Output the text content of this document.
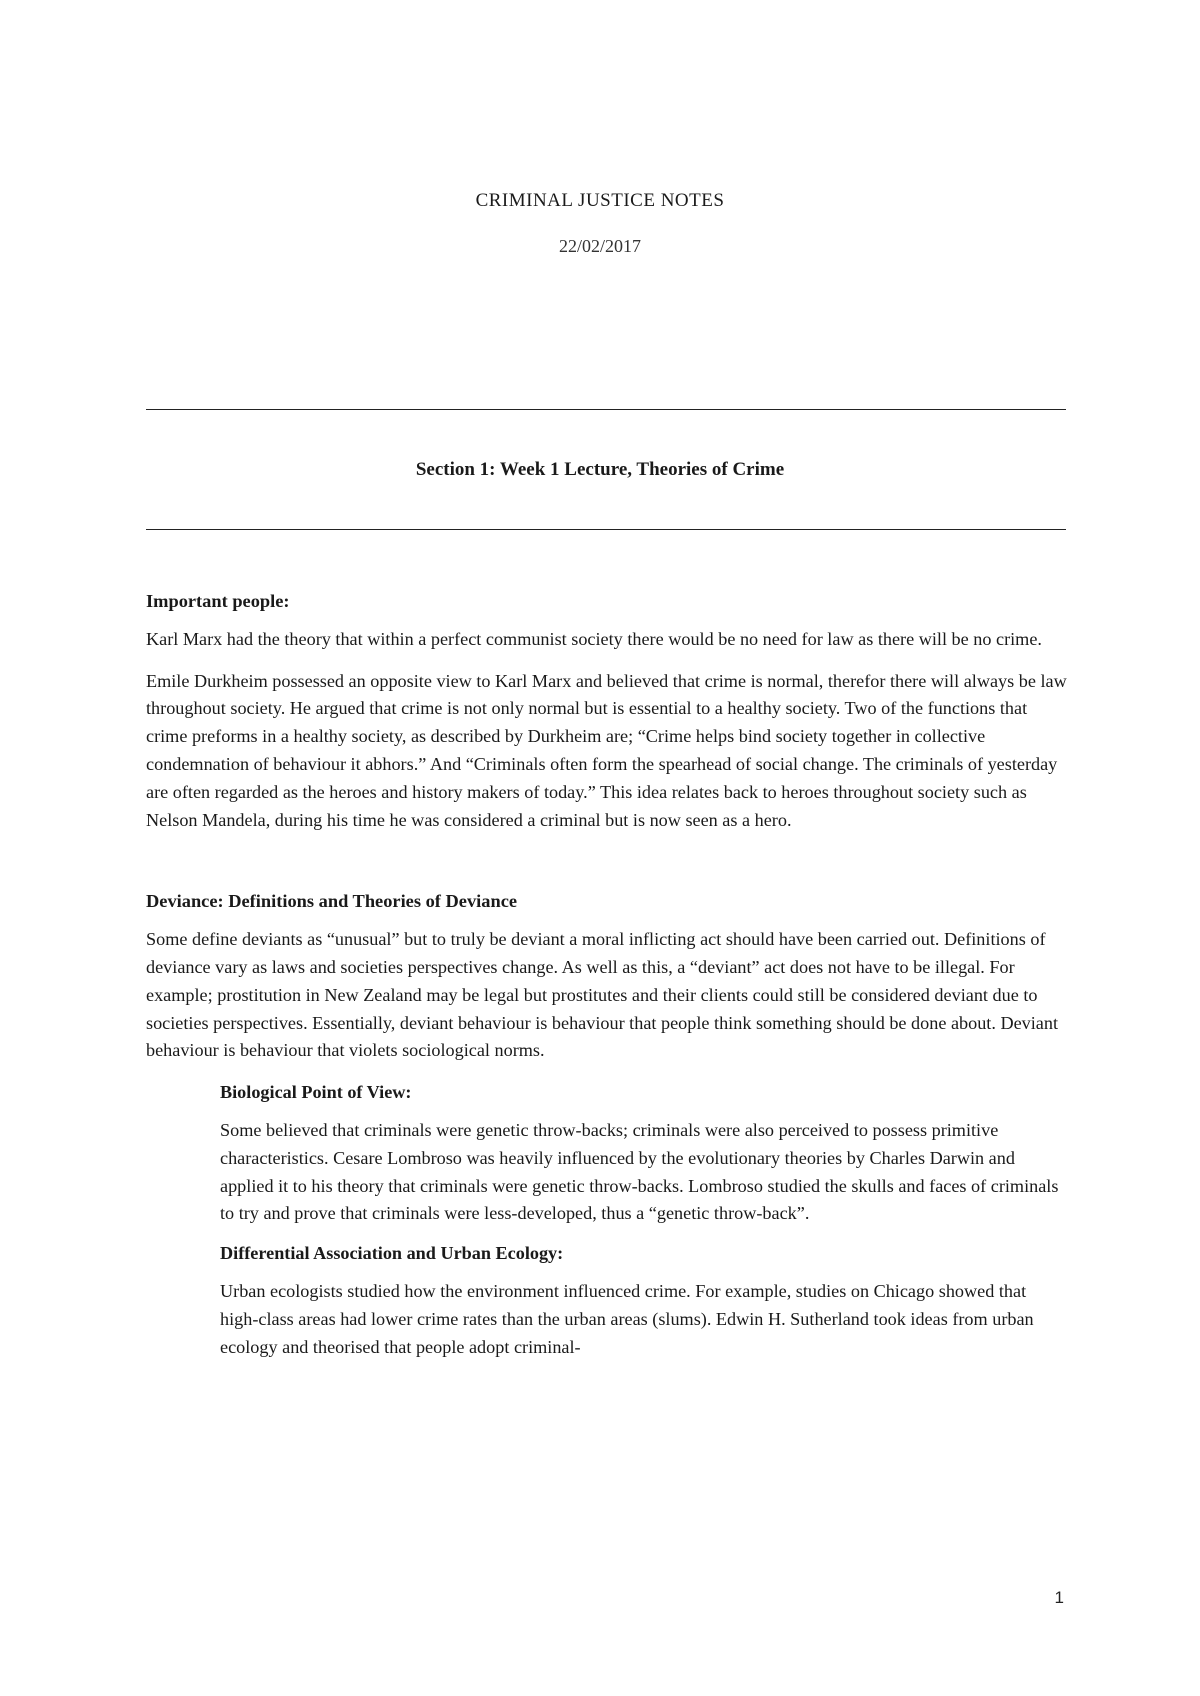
CRIMINAL JUSTICE NOTES
22/02/2017
Section 1: Week 1 Lecture, Theories of Crime
Important people:

Karl Marx had the theory that within a perfect communist society there would be no need for law as there will be no crime.

Emile Durkheim possessed an opposite view to Karl Marx and believed that crime is normal, therefor there will always be law throughout society. He argued that crime is not only normal but is essential to a healthy society. Two of the functions that crime preforms in a healthy society, as described by Durkheim are; “Crime helps bind society together in collective condemnation of behaviour it abhors.” And “Criminals often form the spearhead of social change. The criminals of yesterday are often regarded as the heroes and history makers of today.” This idea relates back to heroes throughout society such as Nelson Mandela, during his time he was considered a criminal but is now seen as a hero.

Deviance: Definitions and Theories of Deviance

Some define deviants as “unusual” but to truly be deviant a moral inflicting act should have been carried out. Definitions of deviance vary as laws and societies perspectives change. As well as this, a “deviant” act does not have to be illegal. For example; prostitution in New Zealand may be legal but prostitutes and their clients could still be considered deviant due to societies perspectives. Essentially, deviant behaviour is behaviour that people think something should be done about. Deviant behaviour is behaviour that violets sociological norms.

Biological Point of View:

Some believed that criminals were genetic throw-backs; criminals were also perceived to possess primitive characteristics. Cesare Lombroso was heavily influenced by the evolutionary theories by Charles Darwin and applied it to his theory that criminals were genetic throw-backs. Lombroso studied the skulls and faces of criminals to try and prove that criminals were less-developed, thus a “genetic throw-back”.

Differential Association and Urban Ecology:

Urban ecologists studied how the environment influenced crime. For example, studies on Chicago showed that high-class areas had lower crime rates than the urban areas (slums). Edwin H. Sutherland took ideas from urban ecology and theorised that people adopt criminal-

1
